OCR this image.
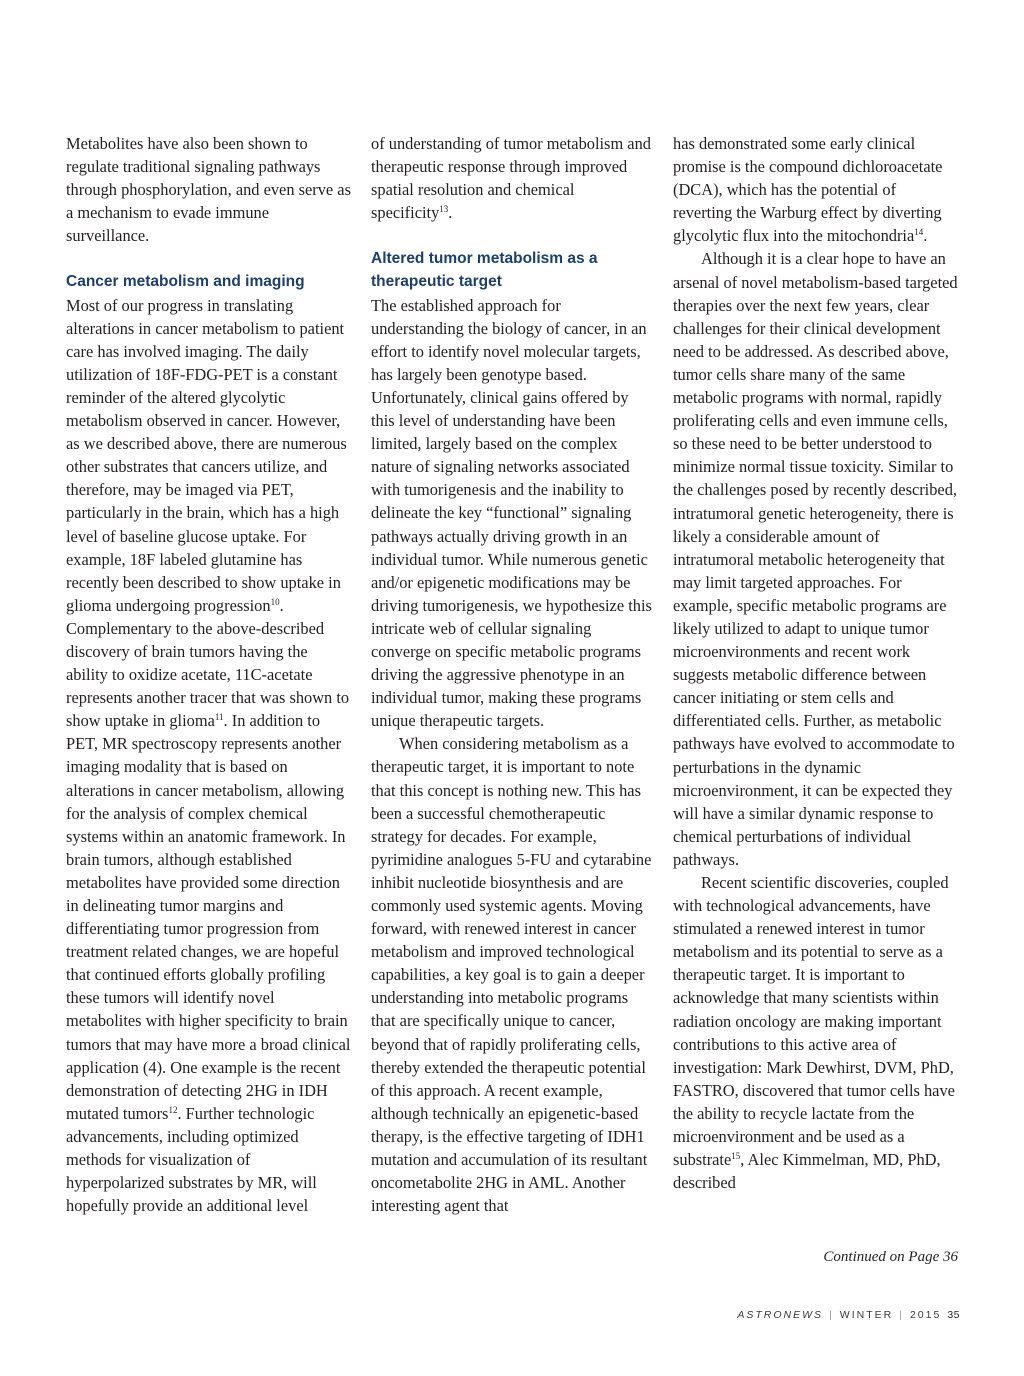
Metabolites have also been shown to regulate traditional signaling pathways through phosphorylation, and even serve as a mechanism to evade immune surveillance.

Cancer metabolism and imaging

Most of our progress in translating alterations in cancer metabolism to patient care has involved imaging. The daily utilization of 18F-FDG-PET is a constant reminder of the altered glycolytic metabolism observed in cancer. However, as we described above, there are numerous other substrates that cancers utilize, and therefore, may be imaged via PET, particularly in the brain, which has a high level of baseline glucose uptake. For example, 18F labeled glutamine has recently been described to show uptake in glioma undergoing progression$^{10}$. Complementary to the above-described discovery of brain tumors having the ability to oxidize acetate, 11C-acetate represents another tracer that was shown to show uptake in glioma$^{11}$. In addition to PET, MR spectroscopy represents another imaging modality that is based on alterations in cancer metabolism, allowing for the analysis of complex chemical systems within an anatomic framework. In brain tumors, although established metabolites have provided some direction in delineating tumor margins and differentiating tumor progression from treatment related changes, we are hopeful that continued efforts globally profiling these tumors will identify novel metabolites with higher specificity to brain tumors that may have more a broad clinical application (4). One example is the recent demonstration of detecting 2HG in IDH mutated tumors$^{12}$. Further technologic advancements, including optimized methods for visualization of hyperpolarized substrates by MR, will hopefully provide an additional level

of understanding of tumor metabolism and therapeutic response through improved spatial resolution and chemical specificity$^{13}$.

Altered tumor metabolism as a therapeutic target

The established approach for understanding the biology of cancer, in an effort to identify novel molecular targets, has largely been genotype based. Unfortunately, clinical gains offered by this level of understanding have been limited, largely based on the complex nature of signaling networks associated with tumorigenesis and the inability to delineate the key “functional” signaling pathways actually driving growth in an individual tumor. While numerous genetic and/or epigenetic modifications may be driving tumorigenesis, we hypothesize this intricate web of cellular signaling converge on specific metabolic programs driving the aggressive phenotype in an individual tumor, making these programs unique therapeutic targets.

When considering metabolism as a therapeutic target, it is important to note that this concept is nothing new. This has been a successful chemotherapeutic strategy for decades. For example, pyrimidine analogues 5-FU and cytarabine inhibit nucleotide biosynthesis and are commonly used systemic agents. Moving forward, with renewed interest in cancer metabolism and improved technological capabilities, a key goal is to gain a deeper understanding into metabolic programs that are specifically unique to cancer, beyond that of rapidly proliferating cells, thereby extended the therapeutic potential of this approach. A recent example, although technically an epigenetic-based therapy, is the effective targeting of IDH1 mutation and accumulation of its resultant oncometabolite 2HG in AML. Another interesting agent that

has demonstrated some early clinical promise is the compound dichloroacetate (DCA), which has the potential of reverting the Warburg effect by diverting glycolytic flux into the mitochondria$^{14}$.

Although it is a clear hope to have an arsenal of novel metabolism-based targeted therapies over the next few years, clear challenges for their clinical development need to be addressed. As described above, tumor cells share many of the same metabolic programs with normal, rapidly proliferating cells and even immune cells, so these need to be better understood to minimize normal tissue toxicity. Similar to the challenges posed by recently described, intratumoral genetic heterogeneity, there is likely a considerable amount of intratumoral metabolic heterogeneity that may limit targeted approaches. For example, specific metabolic programs are likely utilized to adapt to unique tumor microenvironments and recent work suggests metabolic difference between cancer initiating or stem cells and differentiated cells. Further, as metabolic pathways have evolved to accommodate to perturbations in the dynamic microenvironment, it can be expected they will have a similar dynamic response to chemical perturbations of individual pathways.

Recent scientific discoveries, coupled with technological advancements, have stimulated a renewed interest in tumor metabolism and its potential to serve as a therapeutic target. It is important to acknowledge that many scientists within radiation oncology are making important contributions to this active area of investigation: Mark Dewhirst, DVM, PhD, FASTRO, discovered that tumor cells have the ability to recycle lactate from the microenvironment and be used as a substrate$^{15}$, Alec Kimmelman, MD, PhD, described

Continued on Page 36
ASTRONEWS | WINTER | 2015 35
